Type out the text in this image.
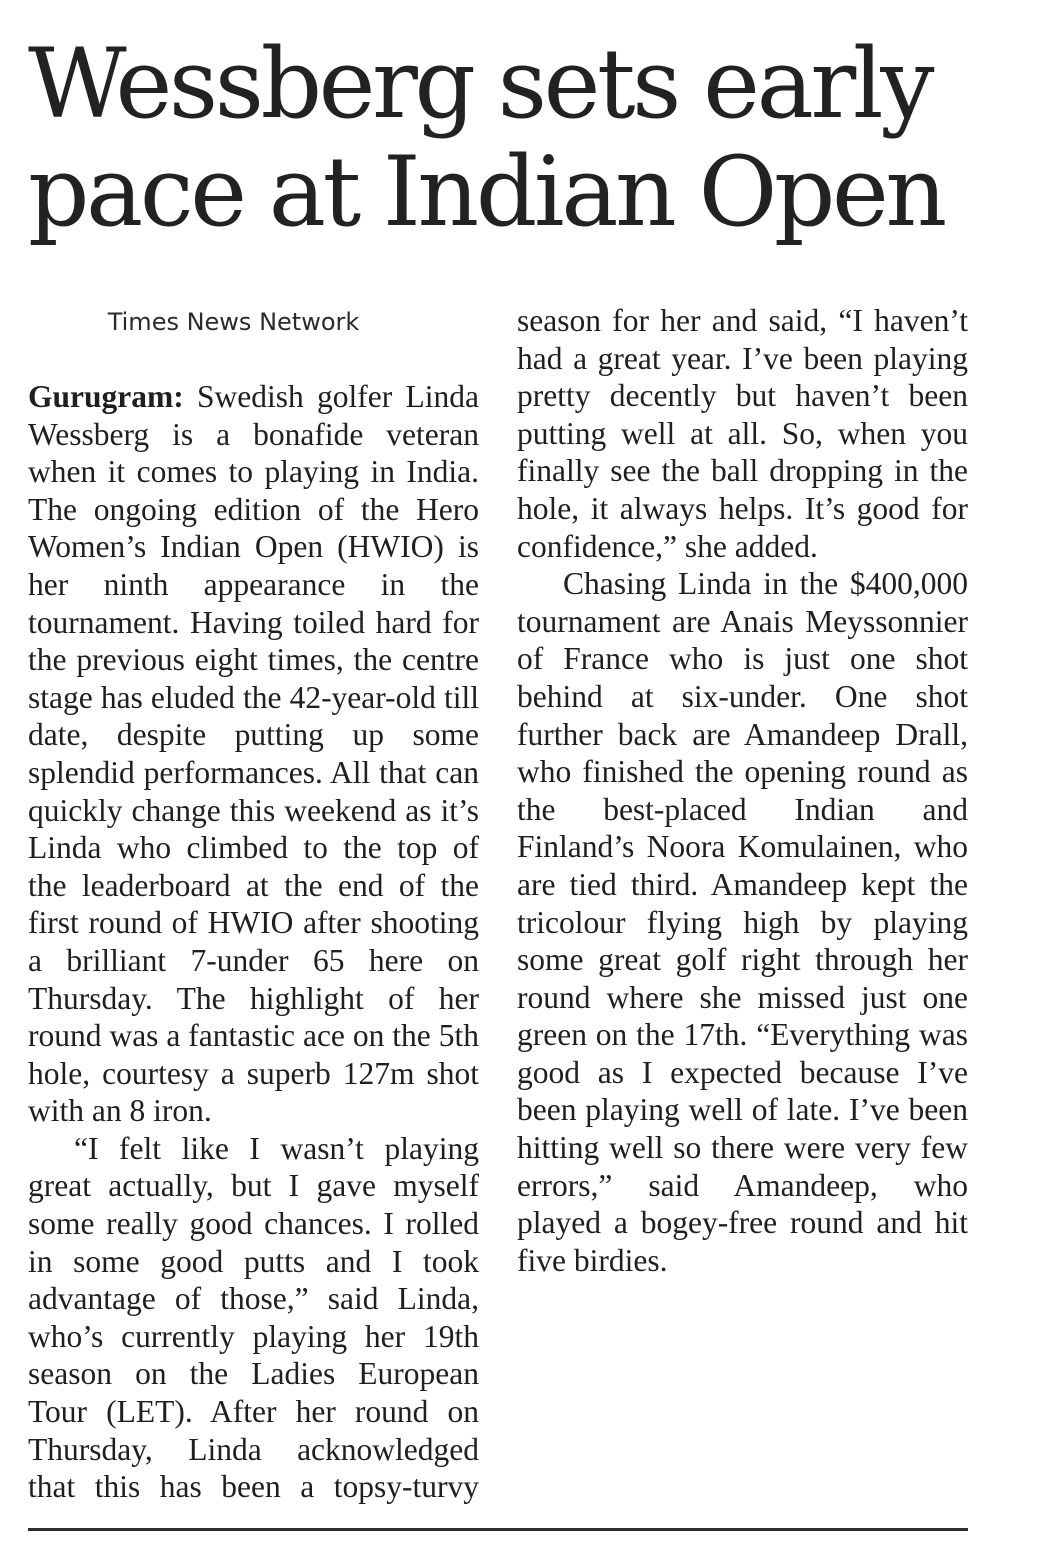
Wessberg sets early pace at Indian Open
Times News Network

Gurugram: Swedish golfer Linda Wessberg is a bonafide veteran when it comes to playing in India. The ongoing edition of the Hero Women’s Indian Open (HWIO) is her ninth appearance in the tournament. Having toiled hard for the previous eight times, the centre stage has eluded the 42-year-old till date, despite putting up some splendid performances. All that can quickly change this weekend as it’s Linda who climbed to the top of the leaderboard at the end of the first round of HWIO after shooting a brilliant 7-under 65 here on Thursday. The highlight of her round was a fantastic ace on the 5th hole, courtesy a superb 127m shot with an 8 iron.

“I felt like I wasn’t playing great actually, but I gave myself some really good chances. I rolled in some good putts and I took advantage of those,” said Linda, who’s currently playing her 19th season on the Ladies European Tour (LET). After her round on Thursday, Linda acknowledged that this has been a topsy-turvy season for her and said, “I haven’t had a great year. I’ve been playing pretty decently but haven’t been putting well at all. So, when you finally see the ball dropping in the hole, it always helps. It’s good for confidence,” she added.

Chasing Linda in the $400,000 tournament are Anais Meyssonnier of France who is just one shot behind at six-under. One shot further back are Amandeep Drall, who finished the opening round as the best-placed Indian and Finland’s Noora Komulainen, who are tied third. Amandeep kept the tricolour flying high by playing some great golf right through her round where she missed just one green on the 17th. “Everything was good as I expected because I’ve been playing well of late. I’ve been hitting well so there were very few errors,” said Amandeep, who played a bogey-free round and hit five birdies.
